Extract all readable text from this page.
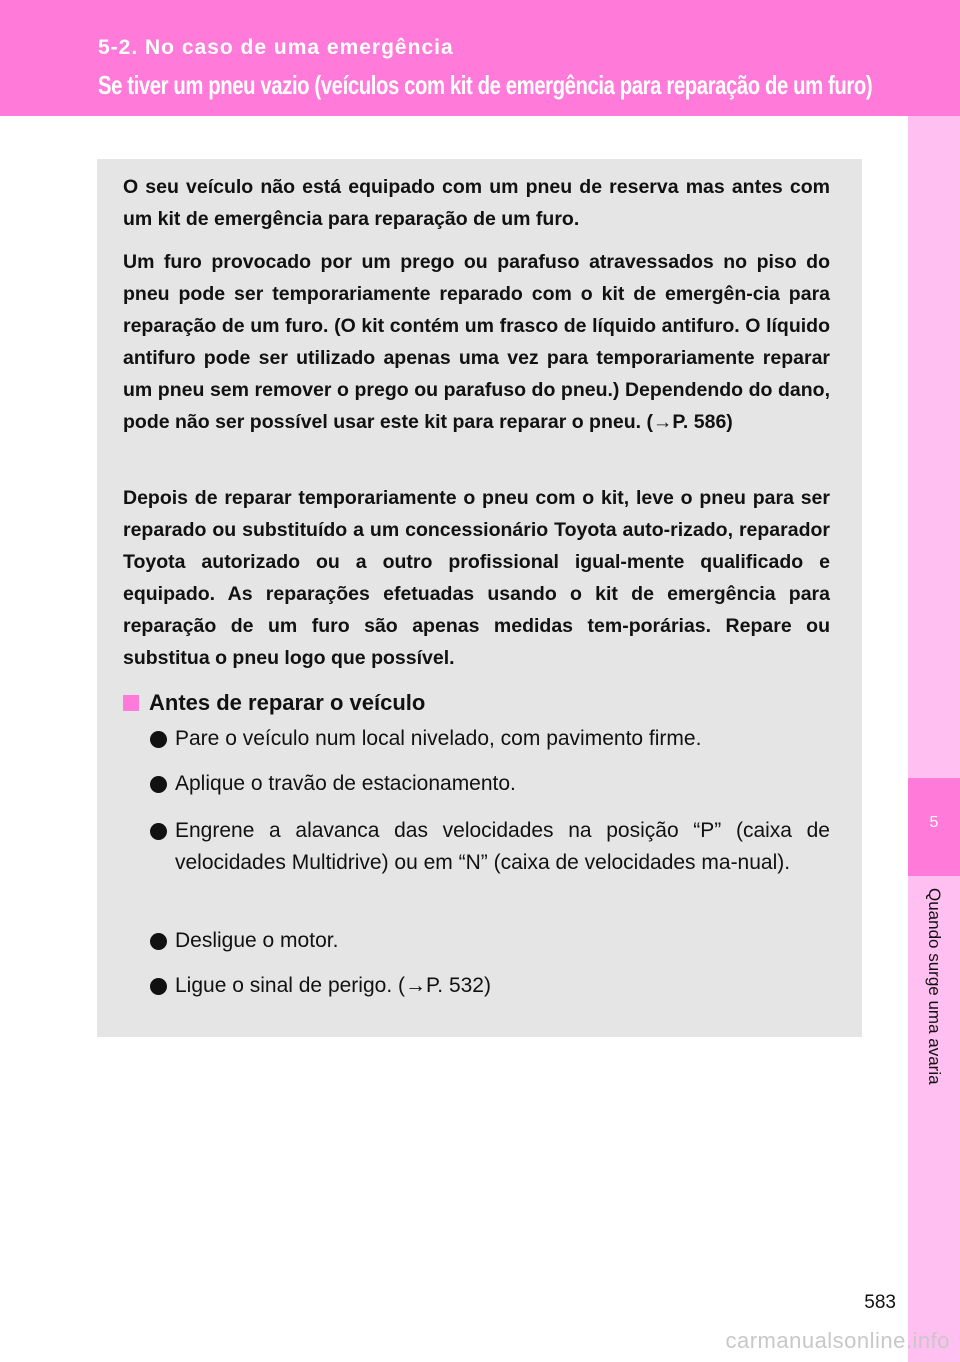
5-2. No caso de uma emergência
Se tiver um pneu vazio (veículos com kit de emergência para reparação de um furo)
5
Quando surge uma avaria

O seu veículo não está equipado com um pneu de reserva mas antes com um kit de emergência para reparação de um furo.

Um furo provocado por um prego ou parafuso atravessados no piso do pneu pode ser temporariamente reparado com o kit de emergên-cia para reparação de um furo. (O kit contém um frasco de líquido antifuro. O líquido antifuro pode ser utilizado apenas uma vez para temporariamente reparar um pneu sem remover o prego ou parafuso do pneu.) Dependendo do dano, pode não ser possível usar este kit para reparar o pneu. (→P. 586)

Depois de reparar temporariamente o pneu com o kit, leve o pneu para ser reparado ou substituído a um concessionário Toyota auto-rizado, reparador Toyota autorizado ou a outro profissional igual-mente qualificado e equipado. As reparações efetuadas usando o kit de emergência para reparação de um furo são apenas medidas tem-porárias. Repare ou substitua o pneu logo que possível.

Antes de reparar o veículo
Pare o veículo num local nivelado, com pavimento firme.
Aplique o travão de estacionamento.
Engrene a alavanca das velocidades na posição “P” (caixa de velocidades Multidrive) ou em “N” (caixa de velocidades ma-nual).
Desligue o motor.
Ligue o sinal de perigo. (→P. 532)
583
carmanualsonline.info
